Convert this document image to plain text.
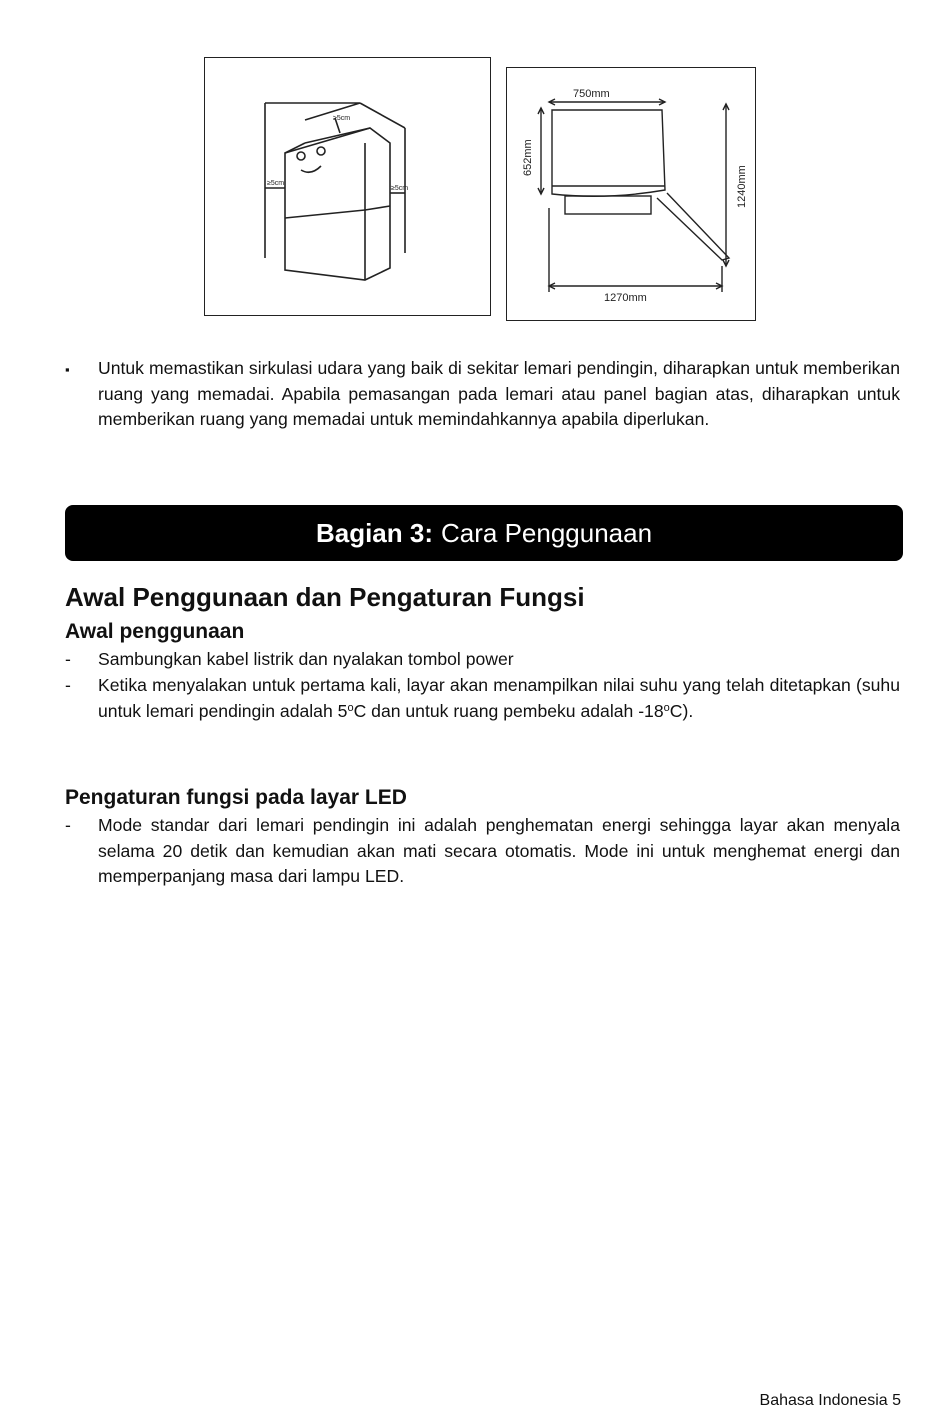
≥5cm
≥5cm
≥5cm
750mm
1270mm
652mm
1240mm
▪ Untuk memastikan sirkulasi udara yang baik di sekitar lemari pendingin, diharapkan untuk memberikan ruang yang memadai. Apabila pemasangan pada lemari atau panel bagian atas, diharapkan untuk memberikan ruang yang memadai untuk memindahkannya apabila diperlukan.

Bagian 3: Cara Penggunaan
Awal Penggunaan dan Pengaturan Fungsi
Awal penggunaan
- Sambungkan kabel listrik dan nyalakan tombol power

- Ketika menyalakan untuk pertama kali, layar akan menampilkan nilai suhu yang telah ditetapkan (suhu untuk lemari pendingin adalah 5$^o$C dan untuk ruang pembeku adalah -18$^o$C).

Pengaturan fungsi pada layar LED
- Mode standar dari lemari pendingin ini adalah penghematan energi sehingga layar akan menyala selama 20 detik dan kemudian akan mati secara otomatis. Mode ini untuk menghemat energi dan memperpanjang masa dari lampu LED.

Bahasa Indonesia 5
